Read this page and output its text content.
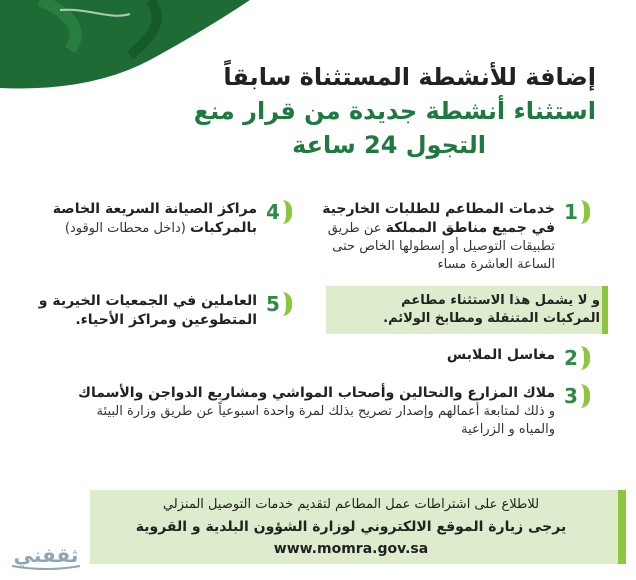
إضافة للأنشطة المستثناة سابقاً
استثناء أنشطة جديدة من قرار منع
التجول 24 ساعة
1
خدمات المطاعم للطلبات الخارجية في جميع مناطق المملكة عن طريق تطبيقات التوصيل أو إسطولها الخاص حتى الساعة العاشرة مساء
و لا يشمل هذا الاستثناء مطاعم المركبات المتنقلة ومطابخ الولائم.
2
مغاسل الملابس
3
ملاك المزارع والنحالين وأصحاب المواشي ومشاريع الدواجن والأسماك و ذلك لمتابعة أعمالهم وإصدار تصريح بذلك لمرة واحدة اسبوعياً عن طريق وزارة البيئة والمياه و الزراعية
4
مراكز الصيانة السريعة الخاصة بالمركبات (داخل محطات الوقود)
5
العاملين في الجمعيات الخيرية و المتطوعين ومراكز الأحياء.
للاطلاع على اشتراطات عمل المطاعم لتقديم خدمات التوصيل المنزلي
يرجى زيارة الموقع الالكتروني لوزارة الشؤون البلدية و القروية
www.momra.gov.sa
ثقفني
